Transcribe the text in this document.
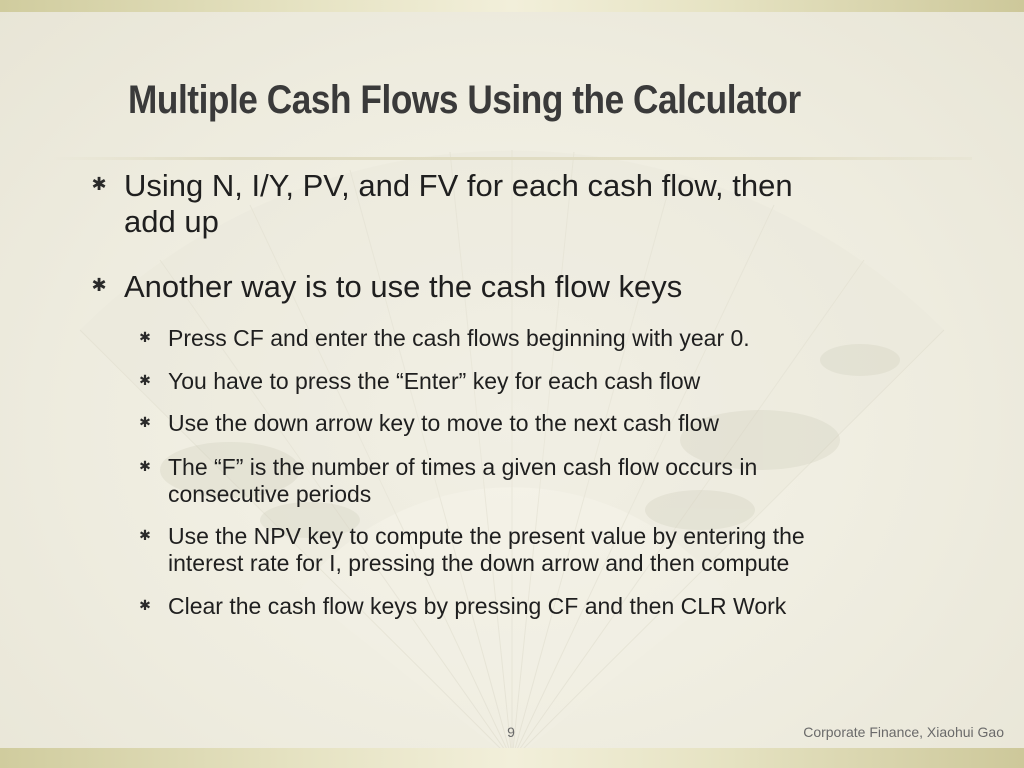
Multiple Cash Flows Using the Calculator
✱ Using N, I/Y, PV, and FV for each cash flow, then
add up
✱ Another way is to use the cash flow keys
✱ Press CF and enter the cash flows beginning with year 0.
✱ You have to press the “Enter” key for each cash flow
✱ Use the down arrow key to move to the next cash flow
✱ The “F” is the number of times a given cash flow occurs in
consecutive periods
✱ Use the NPV key to compute the present value by entering the
interest rate for I, pressing the down arrow and then compute
✱ Clear the cash flow keys by pressing CF and then CLR Work
9	Corporate Finance, Xiaohui Gao
